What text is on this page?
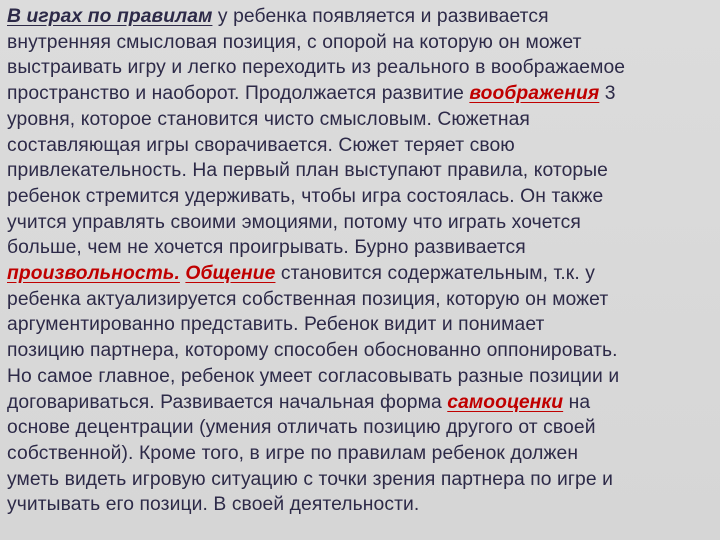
В играх по правилам у ребенка появляется и развивается

внутренняя смысловая позиция, с опорой на которую он может

выстраивать игру и легко переходить из реального в воображаемое

пространство и наоборот. Продолжается развитие воображения 3

уровня, которое становится чисто смысловым. Сюжетная

составляющая игры сворачивается. Сюжет теряет свою

привлекательность. На первый план выступают правила, которые

ребенок стремится удерживать, чтобы игра состоялась. Он также

учится управлять своими эмоциями, потому что играть хочется

больше, чем не хочется проигрывать. Бурно развивается

произвольность. Общение становится содержательным, т.к. у

ребенка актуализируется собственная позиция, которую он может

аргументированно представить. Ребенок видит и понимает

позицию партнера, которому способен обоснованно оппонировать.

Но самое главное, ребенок умеет согласовывать разные позиции и

договариваться. Развивается начальная форма самооценки на

основе децентрации (умения отличать позицию другого от своей

собственной). Кроме того, в игре по правилам ребенок должен

уметь видеть игровую ситуацию с точки зрения партнера по игре и

учитывать его позици. В своей деятельности.
